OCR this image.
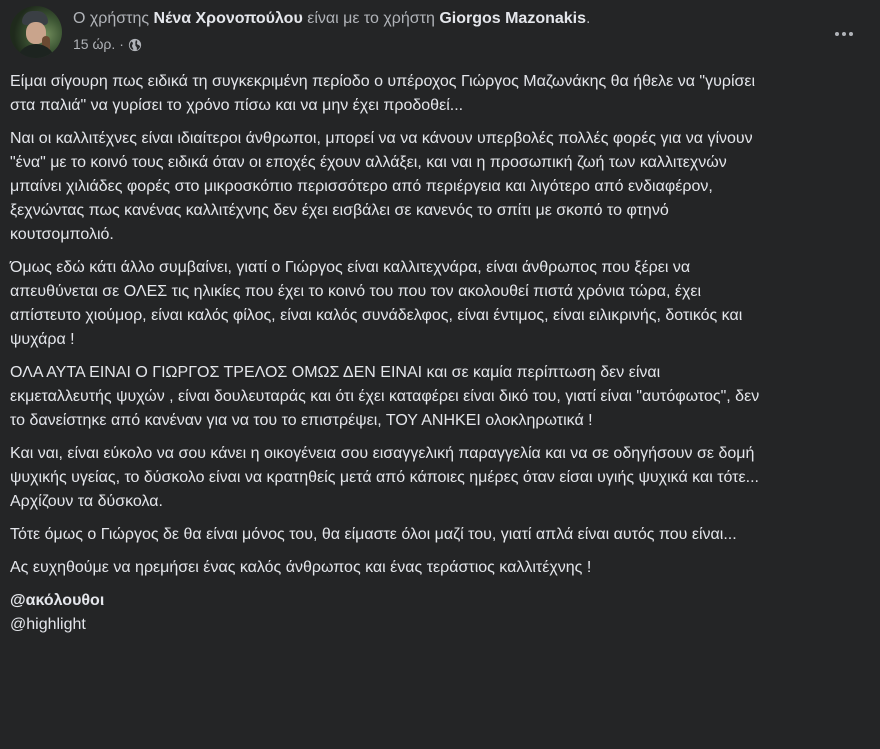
Ο χρήστης Νένα Χρονοπούλου είναι με το χρήστη Giorgos Mazonakis.
15 ώρ. ·

Είμαι σίγουρη πως ειδικά τη συγκεκριμένη περίοδο ο υπέροχος Γιώργος Μαζωνάκης θα ήθελε να "γυρίσει στα παλιά" να γυρίσει το χρόνο πίσω και να μην έχει προδοθεί...

Ναι οι καλλιτέχνες είναι ιδιαίτεροι άνθρωποι, μπορεί να να κάνουν υπερβολές πολλές φορές για να γίνουν "ένα" με το κοινό τους ειδικά όταν οι εποχές έχουν αλλάξει, και ναι η προσωπική ζωή των καλλιτεχνών μπαίνει χιλιάδες φορές στο μικροσκόπιο περισσότερο από περιέργεια και λιγότερο από ενδιαφέρον, ξεχνώντας πως κανένας καλλιτέχνης δεν έχει εισβάλει σε κανενός το σπίτι με σκοπό το φτηνό κουτσομπολιό.

Όμως εδώ κάτι άλλο συμβαίνει, γιατί ο Γιώργος είναι καλλιτεχνάρα, είναι άνθρωπος που ξέρει να απευθύνεται σε ΟΛΕΣ τις ηλικίες που έχει το κοινό του που τον ακολουθεί πιστά χρόνια τώρα, έχει απίστευτο χιούμορ, είναι καλός φίλος, είναι καλός συνάδελφος, είναι έντιμος, είναι ειλικρινής, δοτικός και ψυχάρα !

ΟΛΑ ΑΥΤΑ ΕΙΝΑΙ Ο ΓΙΩΡΓΟΣ ΤΡΕΛΟΣ ΟΜΩΣ ΔΕΝ ΕΙΝΑΙ και σε καμία περίπτωση δεν είναι εκμεταλλευτής ψυχών , είναι δουλευταράς και ότι έχει καταφέρει είναι δικό του, γιατί είναι "αυτόφωτος", δεν το δανείστηκε από κανέναν για να του το επιστρέψει, ΤΟΥ ΑΝΗΚΕΙ ολοκληρωτικά !

Και ναι, είναι εύκολο να σου κάνει η οικογένεια σου εισαγγελική παραγγελία και να σε οδηγήσουν σε δομή ψυχικής υγείας, το δύσκολο είναι να κρατηθείς μετά από κάποιες ημέρες όταν είσαι υγιής ψυχικά και τότε... Αρχίζουν τα δύσκολα.

Τότε όμως ο Γιώργος δε θα είναι μόνος του, θα είμαστε όλοι μαζί του, γιατί απλά είναι αυτός που είναι...

Ας ευχηθούμε να ηρεμήσει ένας καλός άνθρωπος και ένας τεράστιος καλλιτέχνης !

@ακόλουθοι
@highlight
